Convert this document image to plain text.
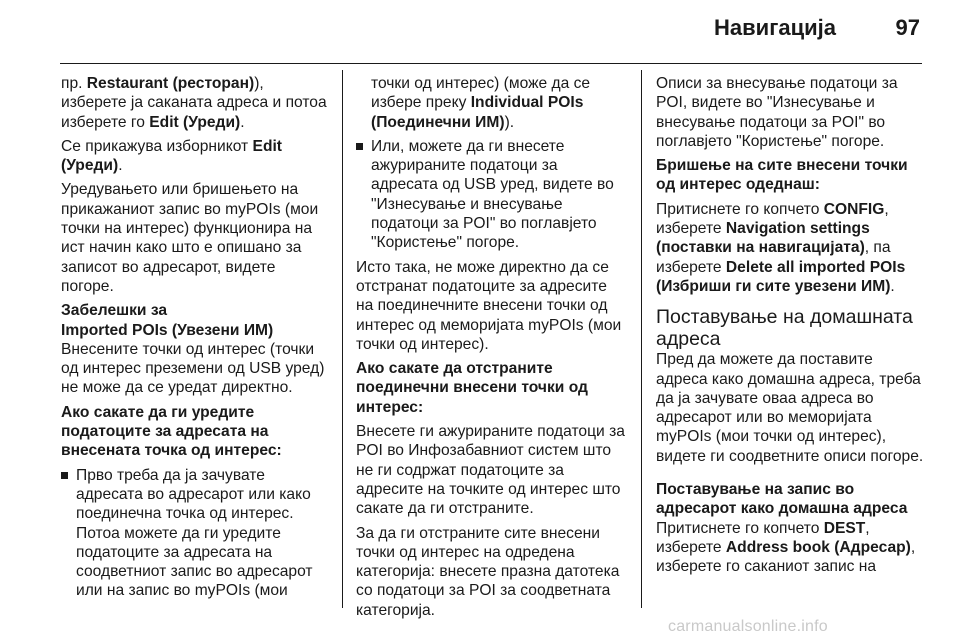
Навигација	97

пр. Restaurant (ресторан)), изберете ја саканата адреса и потоа изберете го Edit (Уреди).

Се прикажува изборникот Edit (Уреди).

Уредувањето или бришењето на прикажаниот запис во myPOIs (мои точки на интерес) функционира на ист начин како што е опишано за записот во адресарот, видете погоре.

Забелешки за
Imported POIs (Увезени ИМ)

Внесените точки од интерес (точки од интерес преземени од USB уред) не може да се уредат директно.

Ако сакате да ги уредите податоците за адресата на внесената точка од интерес:
Прво треба да ја зачувате адресата во адресарот или како поединечна точка од интерес. Потоа можете да ги уредите податоците за адресата на соодветниот запис во адресарот или на запис во myPOIs (мои

точки од интерес) (може да се избере преку Individual POIs (Поединечни ИМ)).

Или, можете да ги внесете ажурираните податоци за адресата од USB уред, видете во "Изнесување и внесување податоци за POI" во поглавјето "Користење" погоре.

Исто така, не може директно да се отстранат податоците за адресите на поединечните внесени точки од интерес од меморијата myPOIs (мои точки од интерес).

Ако сакате да отстраните поединечни внесени точки од интерес:

Внесете ги ажурираните податоци за POI во Инфозабавниот систем што не ги содржат податоците за адресите на точките од интерес што сакате да ги отстраните.

За да ги отстраните сите внесени точки од интерес на одредена категорија: внесете празна датотека со податоци за POI за соодветната категорија.

Описи за внесување податоци за POI, видете во "Изнесување и внесување податоци за POI" во поглавјето "Користење" погоре.

Бришење на сите внесени точки од интерес одеднаш:

Притиснете го копчето CONFIG, изберете Navigation settings (поставки на навигацијата), па изберете Delete all imported POIs (Избриши ги сите увезени ИМ).

Поставување на домашната адреса

Пред да можете да поставите адреса како домашна адреса, треба да ја зачувате оваа адреса во адресарот или во меморијата myPOIs (мои точки од интерес), видете ги соодветните описи погоре.

Поставување на запис во адресарот како домашна адреса

Притиснете го копчето DEST, изберете Address book (Адресар), изберете го саканиот запис на

carmanualsonline.info
